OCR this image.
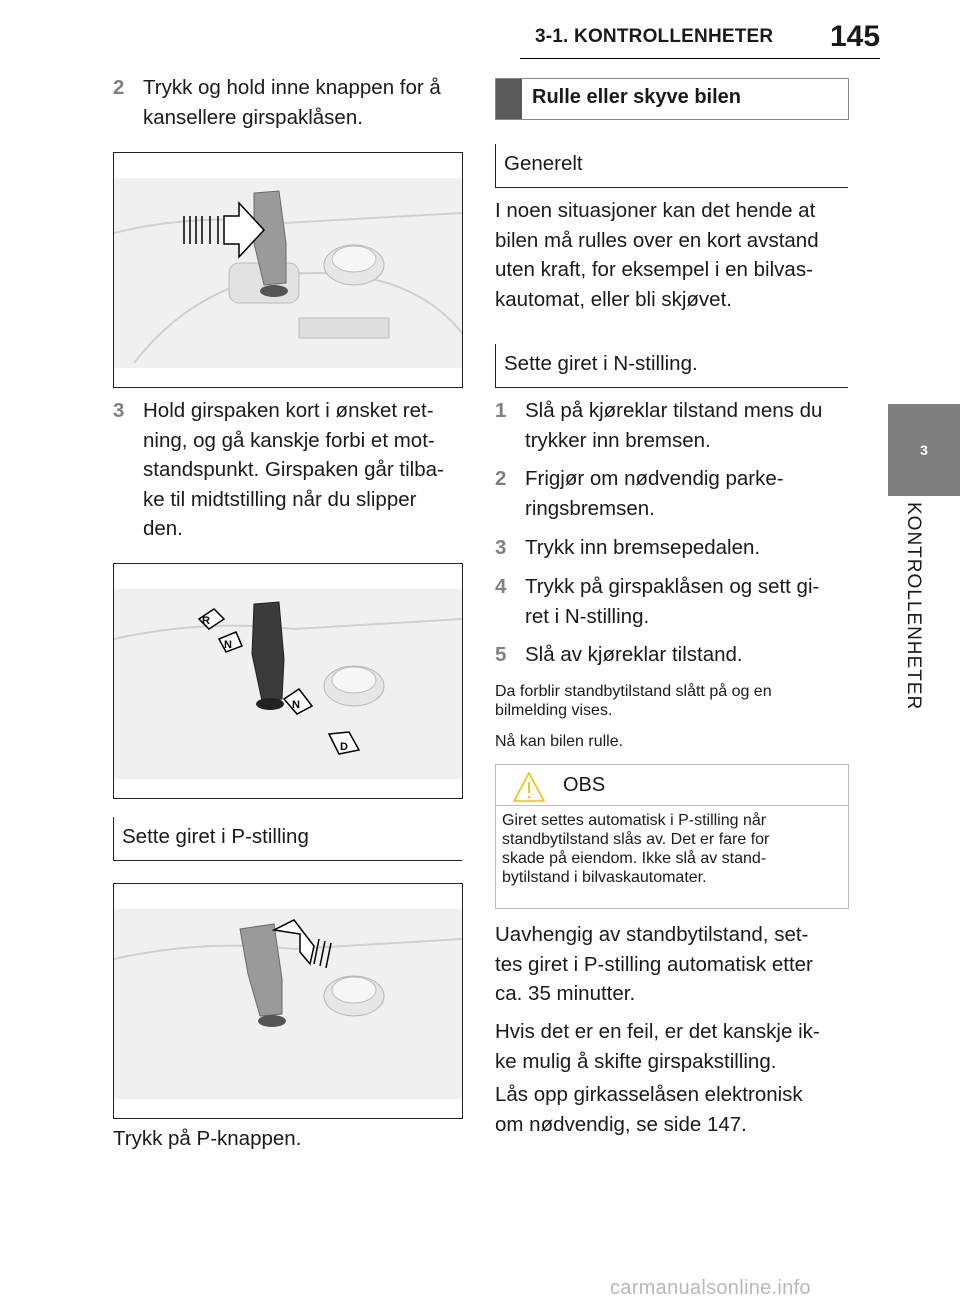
3-1. KONTROLLENHETER 145
3
KONTROLLENHETER
2 Trykk og hold inne knappen for å
kansellere girspaklåsen.
3 Hold girspaken kort i ønsket ret-
ning, og gå kanskje forbi et mot-
standspunkt. Girspaken går tilba-
ke til midtstilling når du slipper
den.
R
N
N
D
Sette giret i P-stilling
Trykk på P-knappen.
Rulle eller skyve bilen
Generelt
I noen situasjoner kan det hende at
bilen må rulles over en kort avstand
uten kraft, for eksempel i en bilvas-
kautomat, eller bli skjøvet.
Sette giret i N-stilling.
1 Slå på kjøreklar tilstand mens du
trykker inn bremsen.
2 Frigjør om nødvendig parke-
ringsbremsen.
3 Trykk inn bremsepedalen.
4 Trykk på girspaklåsen og sett gi-
ret i N-stilling.
5 Slå av kjøreklar tilstand.
Da forblir standbytilstand slått på og en
bilmelding vises.
Nå kan bilen rulle.
OBS
Giret settes automatisk i P-stilling når
standbytilstand slås av. Det er fare for
skade på eiendom. Ikke slå av stand-
bytilstand i bilvaskautomater.
Uavhengig av standbytilstand, set-
tes giret i P-stilling automatisk etter
ca. 35 minutter.
Hvis det er en feil, er det kanskje ik-
ke mulig å skifte girspakstilling.
Lås opp girkasselåsen elektronisk
om nødvendig, se side 147.
carmanualsonline.info
